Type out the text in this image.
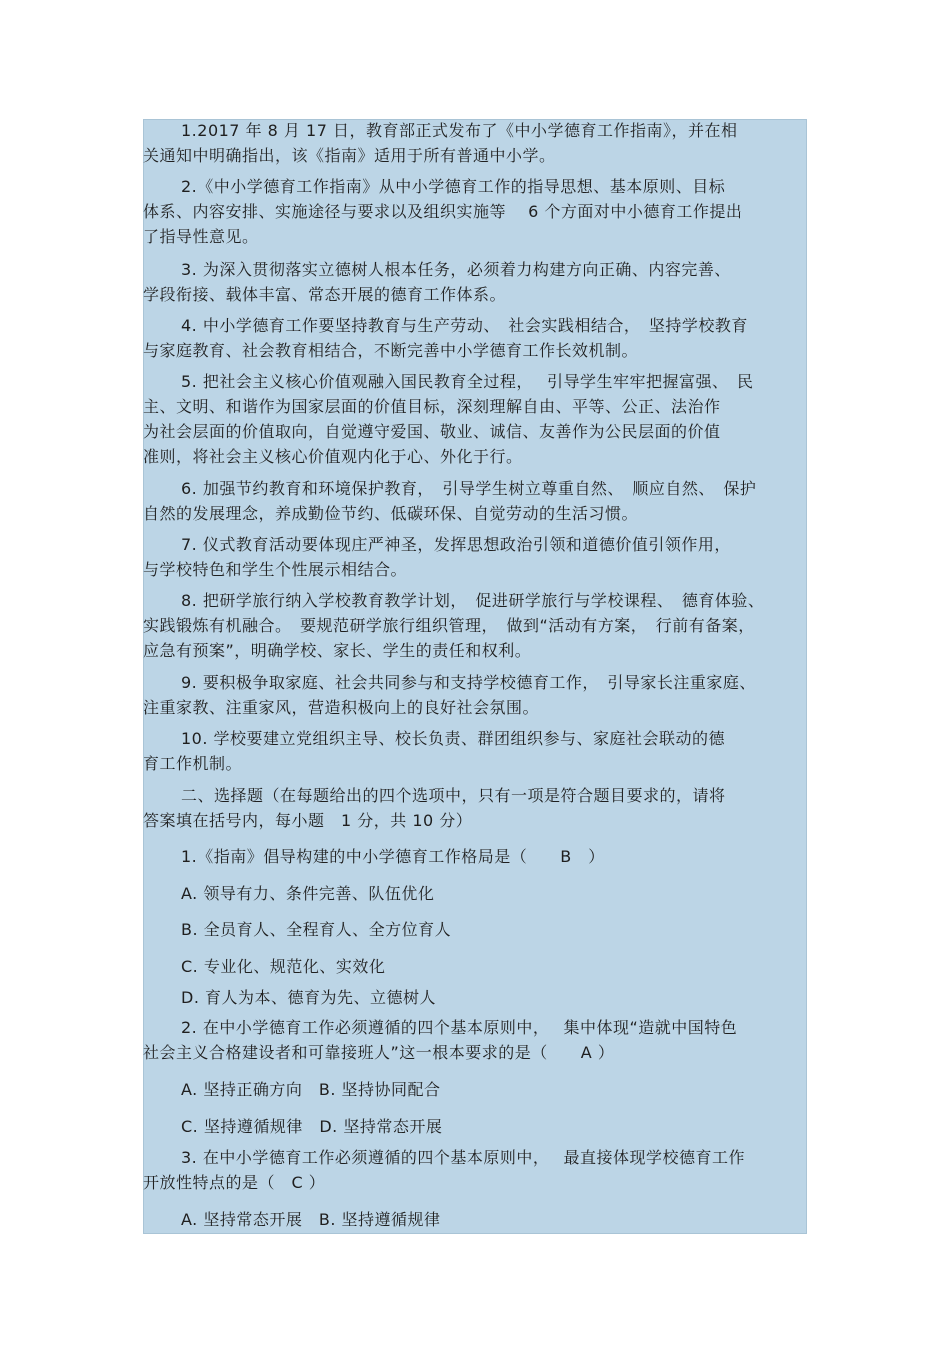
1.2017 年 8 月 17 日，教育部正式发布了《中小学德育工作指南》，并在相
关通知中明确指出，该《指南》适用于所有普通中小学。
2.《中小学德育工作指南》从中小学德育工作的指导思想、基本原则、目标
体系、内容安排、实施途径与要求以及组织实施等　 6 个方面对中小德育工作提出
了指导性意见。
3. 为深入贯彻落实立德树人根本任务，必须着力构建方向正确、内容完善、
学段衔接、载体丰富、常态开展的德育工作体系。
4. 中小学德育工作要坚持教育与生产劳动、　社会实践相结合，　坚持学校教育
与家庭教育、社会教育相结合，不断完善中小学德育工作长效机制。
5. 把社会主义核心价值观融入国民教育全过程，　 引导学生牢牢把握富强、　民
主、文明、和谐作为国家层面的价值目标，深刻理解自由、平等、公正、法治作
为社会层面的价值取向，自觉遵守爱国、敬业、诚信、友善作为公民层面的价值
准则，将社会主义核心价值观内化于心、外化于行。
6. 加强节约教育和环境保护教育，　引导学生树立尊重自然、　顺应自然、　保护
自然的发展理念，养成勤俭节约、低碳环保、自觉劳动的生活习惯。
7. 仪式教育活动要体现庄严神圣，发挥思想政治引领和道德价值引领作用，
与学校特色和学生个性展示相结合。
8. 把研学旅行纳入学校教育教学计划，　促进研学旅行与学校课程、　德育体验、
实践锻炼有机融合。　要规范研学旅行组织管理，　做到“活动有方案，　行前有备案，
应急有预案”，明确学校、家长、学生的责任和权利。
9. 要积极争取家庭、社会共同参与和支持学校德育工作，　引导家长注重家庭、
注重家教、注重家风，营造积极向上的良好社会氛围。
10. 学校要建立党组织主导、校长负责、群团组织参与、家庭社会联动的德
育工作机制。
二、选择题（在每题给出的四个选项中，只有一项是符合题目要求的，请将
答案填在括号内，每小题　1 分，共 10 分）
1.《指南》倡导构建的中小学德育工作格局是（　　B　）
A. 领导有力、条件完善、队伍优化
B. 全员育人、全程育人、全方位育人
C. 专业化、规范化、实效化
D. 育人为本、德育为先、立德树人
2. 在中小学德育工作必须遵循的四个基本原则中，　 集中体现“造就中国特色
社会主义合格建设者和可靠接班人”这一根本要求的是（　　A ）
A. 坚持正确方向　B. 坚持协同配合
C. 坚持遵循规律　D. 坚持常态开展
3. 在中小学德育工作必须遵循的四个基本原则中，　 最直接体现学校德育工作
开放性特点的是（　C ）
A. 坚持常态开展　B. 坚持遵循规律
